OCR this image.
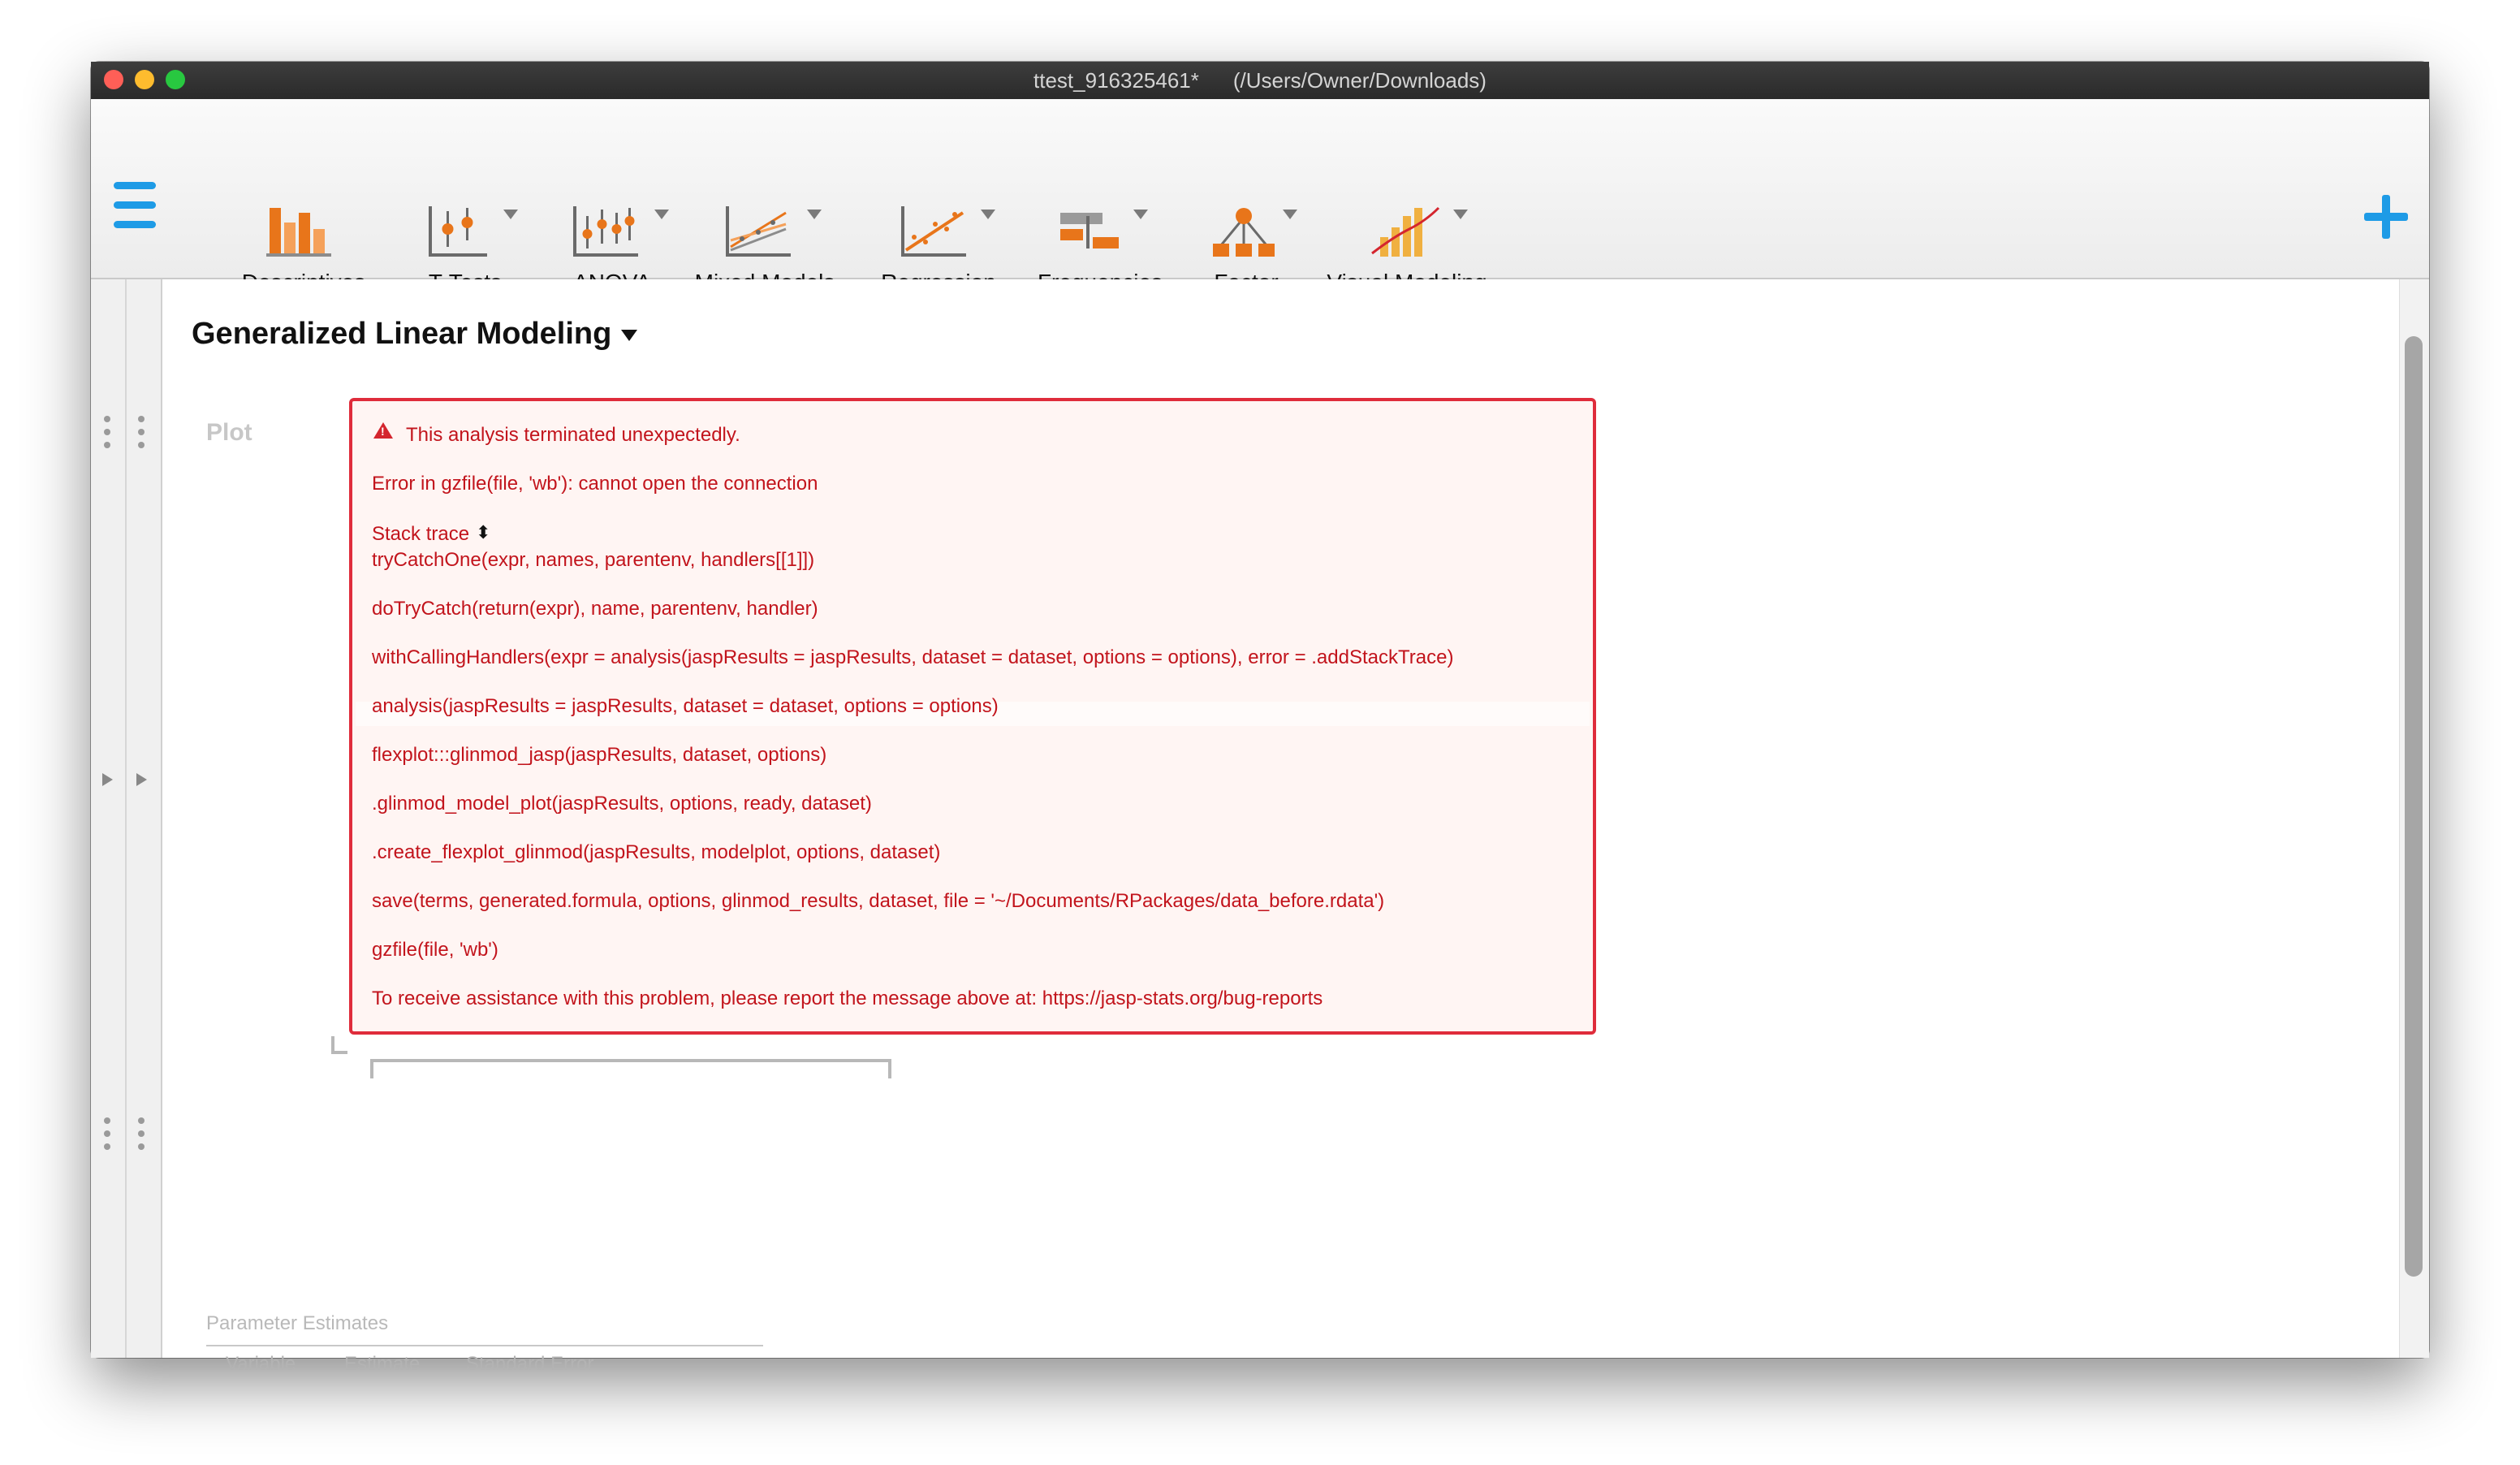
ttest_916325461* (/Users/Owner/Downloads)
Generalized Linear Modeling
Plot
Parameter Estimates
Variable Estimate Standard Error
!
This analysis terminated unexpectedly.
Error in gzfile(file, 'wb'): cannot open the connection
Stack trace ⬍
tryCatchOne(expr, names, parentenv, handlers[[1]])
doTryCatch(return(expr), name, parentenv, handler)
withCallingHandlers(expr = analysis(jaspResults = jaspResults, dataset = dataset, options = options), error = .addStackTrace)
analysis(jaspResults = jaspResults, dataset = dataset, options = options)
flexplot:::glinmod_jasp(jaspResults, dataset, options)
.glinmod_model_plot(jaspResults, options, ready, dataset)
.create_flexplot_glinmod(jaspResults, modelplot, options, dataset)
save(terms, generated.formula, options, glinmod_results, dataset, file = '~/Documents/RPackages/data_before.rdata')
gzfile(file, 'wb')
To receive assistance with this problem, please report the message above at: https://jasp-stats.org/bug-reports
